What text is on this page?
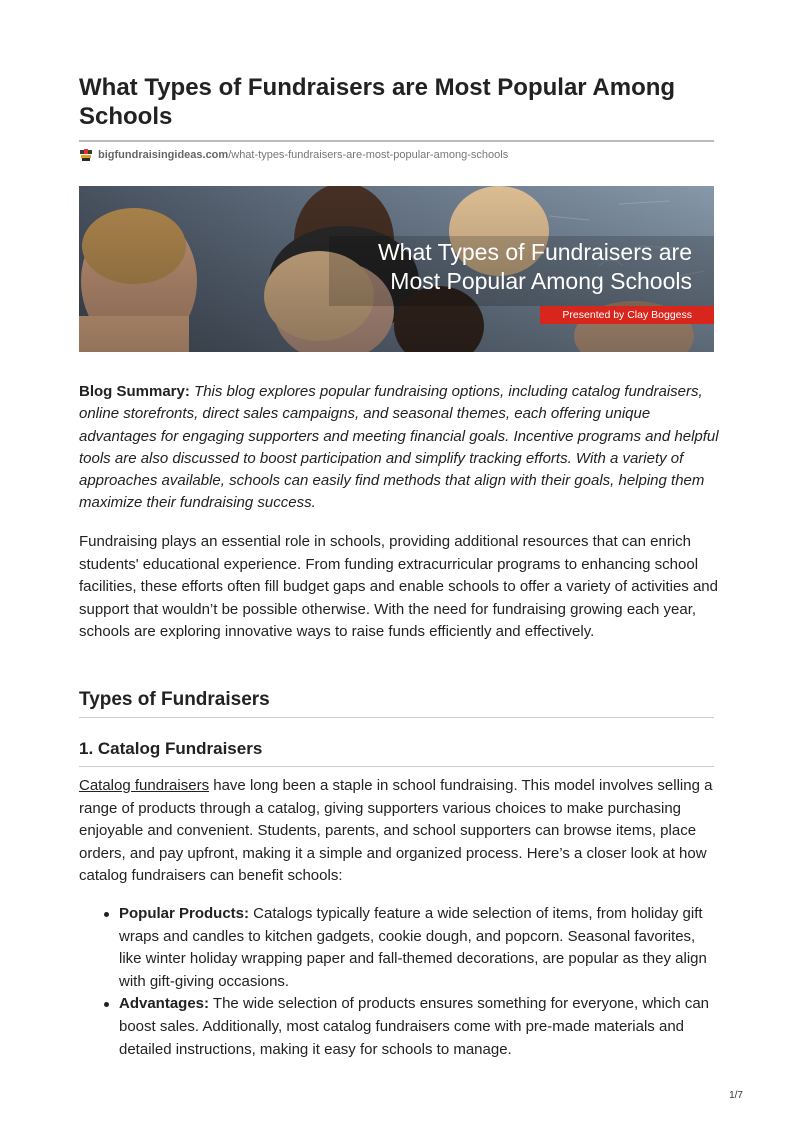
What Types of Fundraisers are Most Popular Among Schools
bigfundraisingideas.com /what-types-fundraisers-are-most-popular-among-schools
What Types of Fundraisers are
Most Popular Among Schools
Presented by Clay Boggess

Blog Summary: This blog explores popular fundraising options, including catalog fundraisers, online storefronts, direct sales campaigns, and seasonal themes, each offering unique advantages for engaging supporters and meeting financial goals. Incentive programs and helpful tools are also discussed to boost participation and simplify tracking efforts. With a variety of approaches available, schools can easily find methods that align with their goals, helping them maximize their fundraising success.

Fundraising plays an essential role in schools, providing additional resources that can enrich students' educational experience. From funding extracurricular programs to enhancing school facilities, these efforts often fill budget gaps and enable schools to offer a variety of activities and support that wouldn’t be possible otherwise. With the need for fundraising growing each year, schools are exploring innovative ways to raise funds efficiently and effectively.

Types of Fundraisers
1. Catalog Fundraisers

Catalog fundraisers have long been a staple in school fundraising. This model involves selling a range of products through a catalog, giving supporters various choices to make purchasing enjoyable and convenient. Students, parents, and school supporters can browse items, place orders, and pay upfront, making it a simple and organized process. Here’s a closer look at how catalog fundraisers can benefit schools:

Popular Products: Catalogs typically feature a wide selection of items, from holiday gift wraps and candles to kitchen gadgets, cookie dough, and popcorn. Seasonal favorites, like winter holiday wrapping paper and fall-themed decorations, are popular as they align with gift-giving occasions.
Advantages: The wide selection of products ensures something for everyone, which can boost sales. Additionally, most catalog fundraisers come with pre-made materials and detailed instructions, making it easy for schools to manage.
1/7
